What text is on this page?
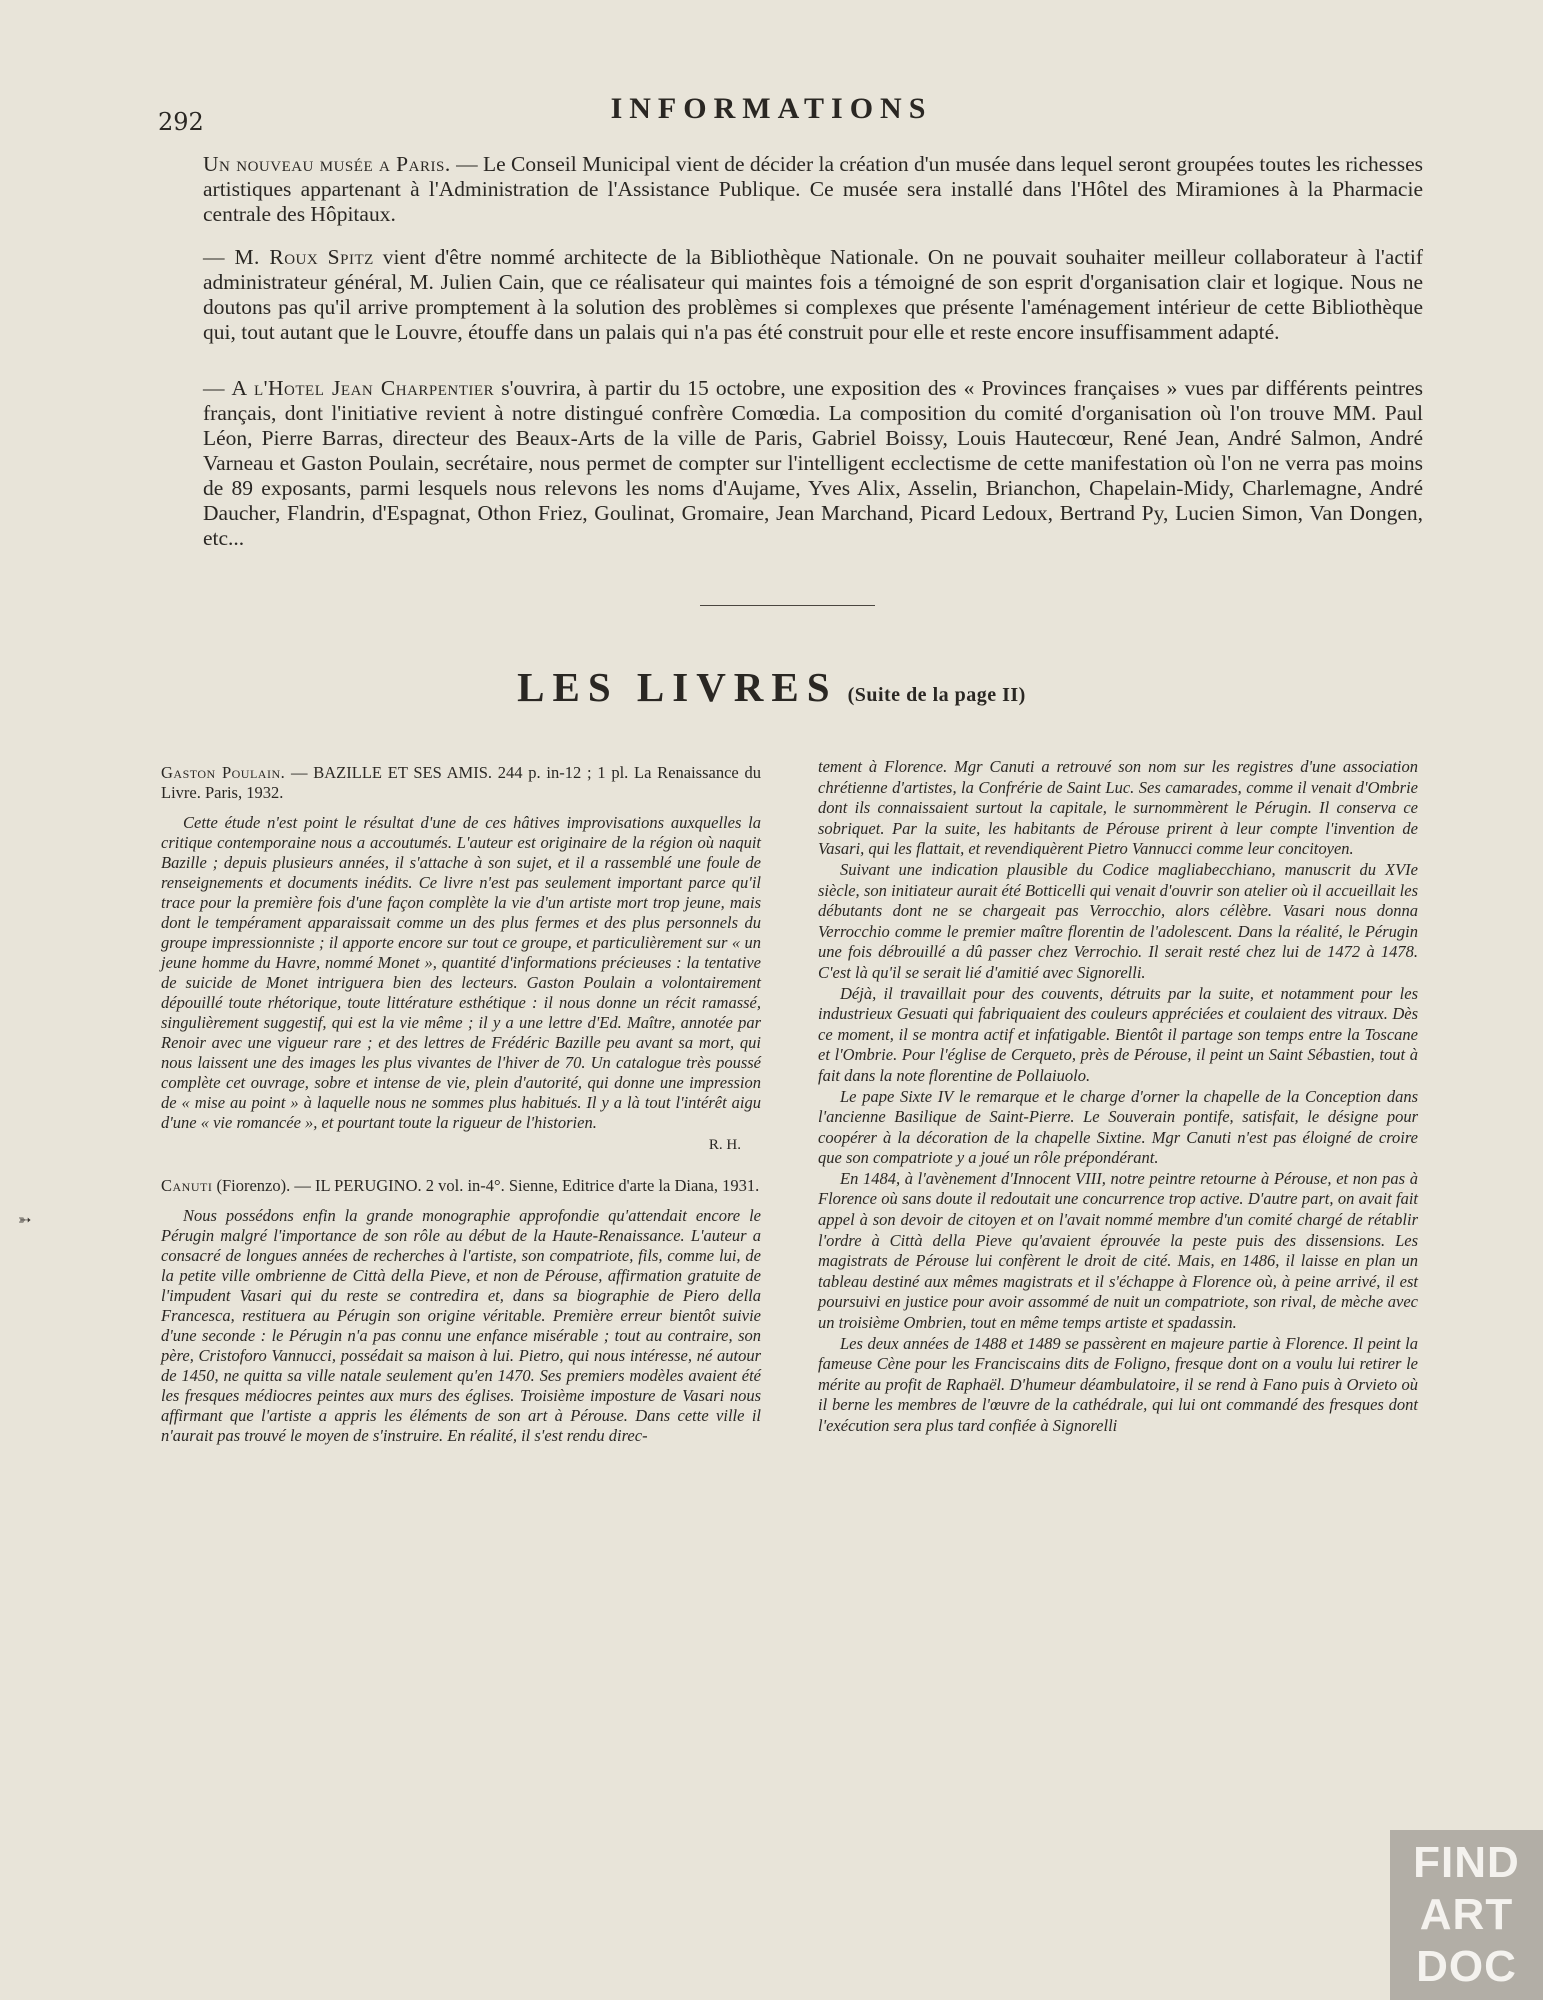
292	INFORMATIONS

Un nouveau musée a Paris. — Le Conseil Municipal vient de décider la création d'un musée dans lequel seront groupées toutes les richesses artistiques appartenant à l'Administration de l'Assistance Publique. Ce musée sera installé dans l'Hôtel des Miramiones à la Pharmacie centrale des Hôpitaux.

— M. Roux Spitz vient d'être nommé architecte de la Bibliothèque Nationale. On ne pouvait souhaiter meilleur collaborateur à l'actif administrateur général, M. Julien Cain, que ce réalisateur qui maintes fois a témoigné de son esprit d'organisation clair et logique. Nous ne doutons pas qu'il arrive promptement à la solution des problèmes si complexes que présente l'aménagement intérieur de cette Bibliothèque qui, tout autant que le Louvre, étouffe dans un palais qui n'a pas été construit pour elle et reste encore insuffisamment adapté.

— A l'Hotel Jean Charpentier s'ouvrira, à partir du 15 octobre, une exposition des « Provinces françaises » vues par différents peintres français, dont l'initiative revient à notre distingué confrère Comœdia. La composition du comité d'organisation où l'on trouve MM. Paul Léon, Pierre Barras, directeur des Beaux-Arts de la ville de Paris, Gabriel Boissy, Louis Hautecœur, René Jean, André Salmon, André Varneau et Gaston Poulain, secrétaire, nous permet de compter sur l'intelligent ecclectisme de cette manifestation où l'on ne verra pas moins de 89 exposants, parmi lesquels nous relevons les noms d'Aujame, Yves Alix, Asselin, Brianchon, Chapelain-Midy, Charlemagne, André Daucher, Flandrin, d'Espagnat, Othon Friez, Goulinat, Gromaire, Jean Marchand, Picard Ledoux, Bertrand Py, Lucien Simon, Van Dongen, etc...

LES LIVRES (Suite de la page II)

Gaston Poulain. — BAZILLE ET SES AMIS. 244 p. in-12 ; 1 pl. La Renaissance du Livre. Paris, 1932.

Cette étude n'est point le résultat d'une de ces hâtives improvisations auxquelles la critique contemporaine nous a accoutumés. L'auteur est originaire de la région où naquit Bazille ; depuis plusieurs années, il s'attache à son sujet, et il a rassemblé une foule de renseignements et documents inédits. Ce livre n'est pas seulement important parce qu'il trace pour la première fois d'une façon complète la vie d'un artiste mort trop jeune, mais dont le tempérament apparaissait comme un des plus fermes et des plus personnels du groupe impressionniste ; il apporte encore sur tout ce groupe, et particulièrement sur « un jeune homme du Havre, nommé Monet », quantité d'informations précieuses : la tentative de suicide de Monet intriguera bien des lecteurs. Gaston Poulain a volontairement dépouillé toute rhétorique, toute littérature esthétique : il nous donne un récit ramassé, singulièrement suggestif, qui est la vie même ; il y a une lettre d'Ed. Maître, annotée par Renoir avec une vigueur rare ; et des lettres de Frédéric Bazille peu avant sa mort, qui nous laissent une des images les plus vivantes de l'hiver de 70. Un catalogue très poussé complète cet ouvrage, sobre et intense de vie, plein d'autorité, qui donne une impression de « mise au point » à laquelle nous ne sommes plus habitués. Il y a là tout l'intérêt aigu d'une « vie romancée », et pourtant toute la rigueur de l'historien.

R. H.

Canuti (Fiorenzo). — IL PERUGINO. 2 vol. in-4°. Sienne, Editrice d'arte la Diana, 1931.

Nous possédons enfin la grande monographie approfondie qu'attendait encore le Pérugin malgré l'importance de son rôle au début de la Haute-Renaissance. L'auteur a consacré de longues années de recherches à l'artiste, son compatriote, fils, comme lui, de la petite ville ombrienne de Città della Pieve, et non de Pérouse, affirmation gratuite de l'impudent Vasari qui du reste se contredira et, dans sa biographie de Piero della Francesca, restituera au Pérugin son origine véritable. Première erreur bientôt suivie d'une seconde : le Pérugin n'a pas connu une enfance misérable ; tout au contraire, son père, Cristoforo Vannucci, possédait sa maison à lui. Pietro, qui nous intéresse, né autour de 1450, ne quitta sa ville natale seulement qu'en 1470. Ses premiers modèles avaient été les fresques médiocres peintes aux murs des églises. Troisième imposture de Vasari nous affirmant que l'artiste a appris les éléments de son art à Pérouse. Dans cette ville il n'aurait pas trouvé le moyen de s'instruire. En réalité, il s'est rendu direc-

tement à Florence. Mgr Canuti a retrouvé son nom sur les registres d'une association chrétienne d'artistes, la Confrérie de Saint Luc. Ses camarades, comme il venait d'Ombrie dont ils connaissaient surtout la capitale, le surnommèrent le Pérugin. Il conserva ce sobriquet. Par la suite, les habitants de Pérouse prirent à leur compte l'invention de Vasari, qui les flattait, et revendiquèrent Pietro Vannucci comme leur concitoyen.

Suivant une indication plausible du Codice magliabecchiano, manuscrit du XVIe siècle, son initiateur aurait été Botticelli qui venait d'ouvrir son atelier où il accueillait les débutants dont ne se chargeait pas Verrocchio, alors célèbre. Vasari nous donna Verrocchio comme le premier maître florentin de l'adolescent. Dans la réalité, le Pérugin une fois débrouillé a dû passer chez Verrochio. Il serait resté chez lui de 1472 à 1478. C'est là qu'il se serait lié d'amitié avec Signorelli.

Déjà, il travaillait pour des couvents, détruits par la suite, et notamment pour les industrieux Gesuati qui fabriquaient des couleurs appréciées et coulaient des vitraux. Dès ce moment, il se montra actif et infatigable. Bientôt il partage son temps entre la Toscane et l'Ombrie. Pour l'église de Cerqueto, près de Pérouse, il peint un Saint Sébastien, tout à fait dans la note florentine de Pollaiuolo.

Le pape Sixte IV le remarque et le charge d'orner la chapelle de la Conception dans l'ancienne Basilique de Saint-Pierre. Le Souverain pontife, satisfait, le désigne pour coopérer à la décoration de la chapelle Sixtine. Mgr Canuti n'est pas éloigné de croire que son compatriote y a joué un rôle prépondérant.

En 1484, à l'avènement d'Innocent VIII, notre peintre retourne à Pérouse, et non pas à Florence où sans doute il redoutait une concurrence trop active. D'autre part, on avait fait appel à son devoir de citoyen et on l'avait nommé membre d'un comité chargé de rétablir l'ordre à Città della Pieve qu'avaient éprouvée la peste puis des dissensions. Les magistrats de Pérouse lui confèrent le droit de cité. Mais, en 1486, il laisse en plan un tableau destiné aux mêmes magistrats et il s'échappe à Florence où, à peine arrivé, il est poursuivi en justice pour avoir assommé de nuit un compatriote, son rival, de mèche avec un troisième Ombrien, tout en même temps artiste et spadassin.

Les deux années de 1488 et 1489 se passèrent en majeure partie à Florence. Il peint la fameuse Cène pour les Franciscains dits de Foligno, fresque dont on a voulu lui retirer le mérite au profit de Raphaël. D'humeur déambulatoire, il se rend à Fano puis à Orvieto où il berne les membres de l'œuvre de la cathédrale, qui lui ont commandé des fresques dont l'exécution sera plus tard confiée à Signorelli

➳
FIND
ART
DOC
